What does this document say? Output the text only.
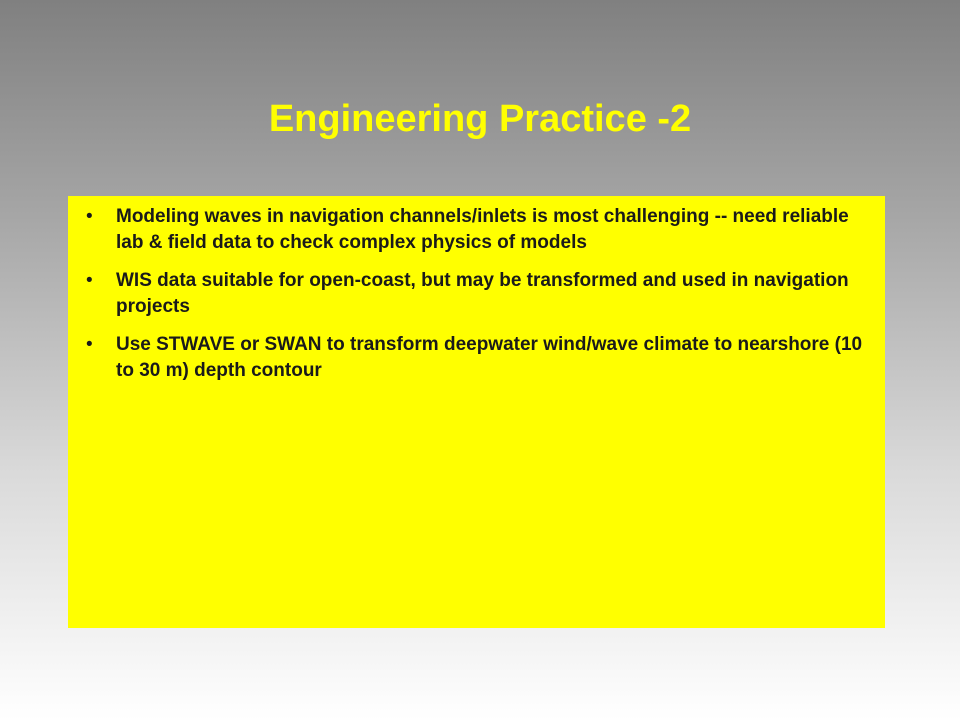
Engineering Practice -2
• Modeling waves in navigation channels/inlets is most challenging -- need reliable lab & field data to check complex physics of models
• WIS data suitable for open-coast, but may be transformed and used in navigation projects
• Use STWAVE or SWAN to transform deepwater wind/wave climate to nearshore (10 to 30 m) depth contour
